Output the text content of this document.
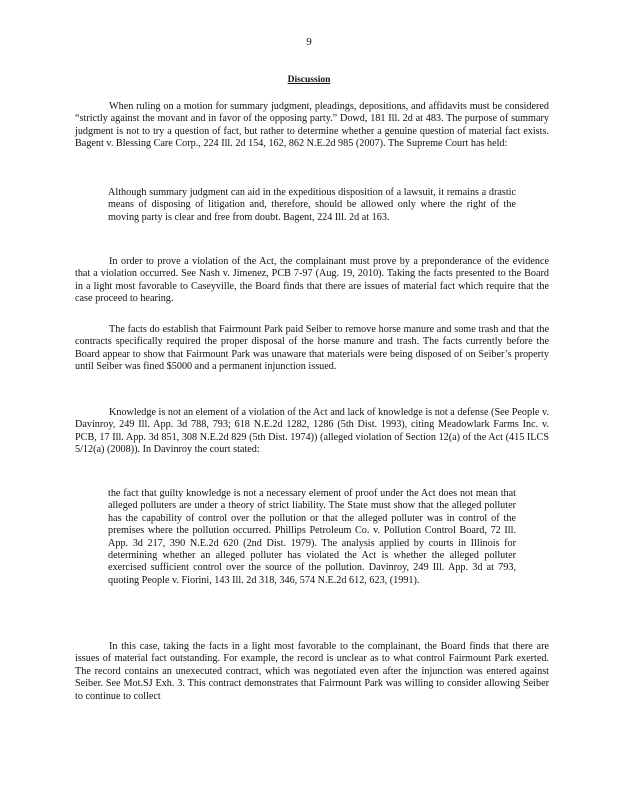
9
Discussion

When ruling on a motion for summary judgment, pleadings, depositions, and affidavits must be considered “strictly against the movant and in favor of the opposing party.” Dowd, 181 Ill. 2d at 483. The purpose of summary judgment is not to try a question of fact, but rather to determine whether a genuine question of material fact exists. Bagent v. Blessing Care Corp., 224 Ill. 2d 154, 162, 862 N.E.2d 985 (2007). The Supreme Court has held:

Although summary judgment can aid in the expeditious disposition of a lawsuit, it remains a drastic means of disposing of litigation and, therefore, should be allowed only where the right of the moving party is clear and free from doubt. Bagent, 224 Ill. 2d at 163.

In order to prove a violation of the Act, the complainant must prove by a preponderance of the evidence that a violation occurred. See Nash v. Jimenez, PCB 7-97 (Aug. 19, 2010). Taking the facts presented to the Board in a light most favorable to Caseyville, the Board finds that there are issues of material fact which require that the case proceed to hearing.

The facts do establish that Fairmount Park paid Seiber to remove horse manure and some trash and that the contracts specifically required the proper disposal of the horse manure and trash. The facts currently before the Board appear to show that Fairmount Park was unaware that materials were being disposed of on Seiber’s property until Seiber was fined $5000 and a permanent injunction issued.

Knowledge is not an element of a violation of the Act and lack of knowledge is not a defense (See People v. Davinroy, 249 Ill. App. 3d 788, 793; 618 N.E.2d 1282, 1286 (5th Dist. 1993), citing Meadowlark Farms Inc. v. PCB, 17 Ill. App. 3d 851, 308 N.E.2d 829 (5th Dist. 1974)) (alleged violation of Section 12(a) of the Act (415 ILCS 5/12(a) (2008)). In Davinroy the court stated:

the fact that guilty knowledge is not a necessary element of proof under the Act does not mean that alleged polluters are under a theory of strict liability. The State must show that the alleged polluter has the capability of control over the pollution or that the alleged polluter was in control of the premises where the pollution occurred. Phillips Petroleum Co. v. Pollution Control Board, 72 Ill. App. 3d 217, 390 N.E.2d 620 (2nd Dist. 1979). The analysis applied by courts in Illinois for determining whether an alleged polluter has violated the Act is whether the alleged polluter exercised sufficient control over the source of the pollution. Davinroy, 249 Ill. App. 3d at 793, quoting People v. Fiorini, 143 Ill. 2d 318, 346, 574 N.E.2d 612, 623, (1991).

In this case, taking the facts in a light most favorable to the complainant, the Board finds that there are issues of material fact outstanding. For example, the record is unclear as to what control Fairmount Park exerted. The record contains an unexecuted contract, which was negotiated even after the injunction was entered against Seiber. See Mot.SJ Exh. 3. This contract demonstrates that Fairmount Park was willing to consider allowing Seiber to continue to collect
